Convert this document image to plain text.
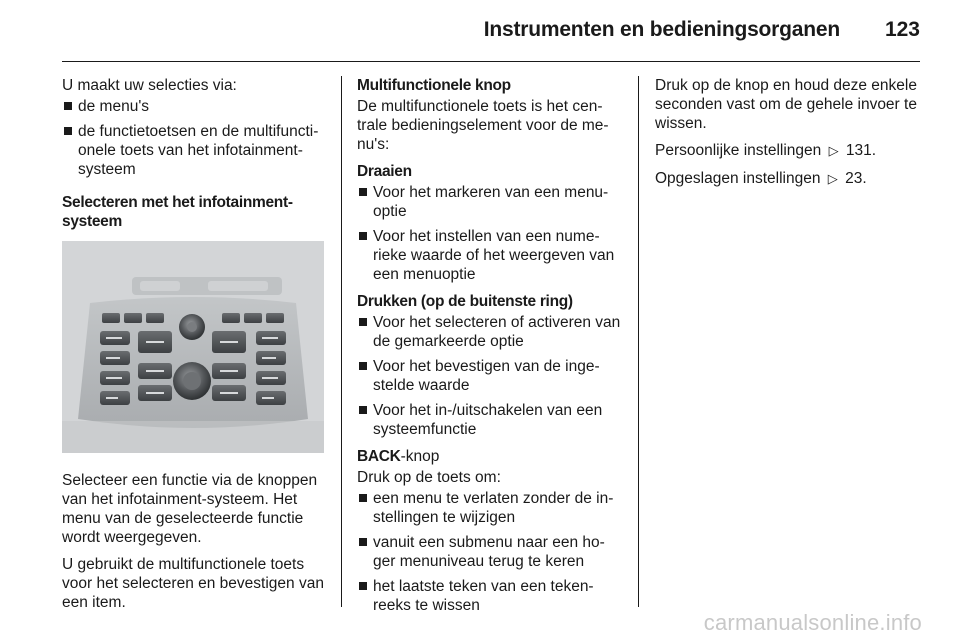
Instrumenten en bedieningsorganen 123

U maakt uw selecties via:

de menu's
de functietoetsen en de multifuncti-onele toets van het infotainment-systeem

Selecteren met het infotainment-systeem

Selecteer een functie via de knoppen van het infotainment-systeem. Het menu van de geselecteerde functie wordt weergegeven.

U gebruikt de multifunctionele toets voor het selecteren en bevestigen van een item.

Multifunctionele knop

De multifunctionele toets is het cen-trale bedieningselement voor de me-nu's:

Draaien

Voor het markeren van een menu-optie
Voor het instellen van een nume-rieke waarde of het weergeven van een menuoptie

Drukken (op de buitenste ring)

Voor het selecteren of activeren van de gemarkeerde optie
Voor het bevestigen van de inge-stelde waarde
Voor het in-/uitschakelen van een systeemfunctie

BACK-knop

Druk op de toets om:

een menu te verlaten zonder de in-stellingen te wijzigen
vanuit een submenu naar een ho-ger menuniveau terug te keren
het laatste teken van een teken-reeks te wissen

Druk op de knop en houd deze enkele seconden vast om de gehele invoer te wissen.

Persoonlijke instellingen ▷ 131.

Opgeslagen instellingen ▷ 23.

carmanualsonline.info
